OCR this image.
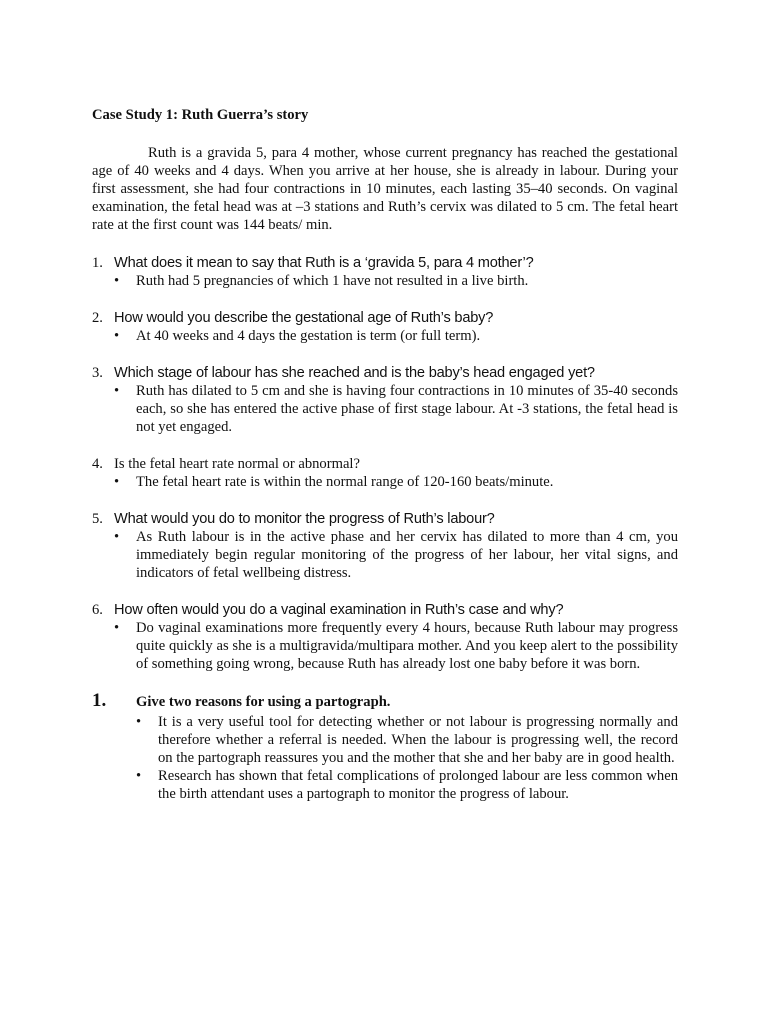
Case Study 1: Ruth Guerra’s story

Ruth is a gravida 5, para 4 mother, whose current pregnancy has reached the gestational age of 40 weeks and 4 days. When you arrive at her house, she is already in labour. During your first assessment, she had four contractions in 10 minutes, each lasting 35–40 seconds. On vaginal examination, the fetal head was at –3 stations and Ruth’s cervix was dilated to 5 cm. The fetal heart rate at the first count was 144 beats/ min.

1. What does it mean to say that Ruth is a ‘gravida 5, para 4 mother’?
•	Ruth had 5 pregnancies of which 1 have not resulted in a live birth.
2. How would you describe the gestational age of Ruth’s baby?
•	At 40 weeks and 4 days the gestation is term (or full term).
3. Which stage of labour has she reached and is the baby’s head engaged yet?
•	Ruth has dilated to 5 cm and she is having four contractions in 10 minutes of 35-40 seconds each, so she has entered the active phase of first stage labour. At -3 stations, the fetal head is not yet engaged.
4. Is the fetal heart rate normal or abnormal?
•	The fetal heart rate is within the normal range of 120-160 beats/minute.
5. What would you do to monitor the progress of Ruth’s labour?
•	As Ruth labour is in the active phase and her cervix has dilated to more than 4 cm, you immediately begin regular monitoring of the progress of her labour, her vital signs, and indicators of fetal wellbeing distress.
6. How often would you do a vaginal examination in Ruth’s case and why?
•	Do vaginal examinations more frequently every 4 hours, because Ruth labour may progress quite quickly as she is a multigravida/multipara mother. And you keep alert to the possibility of something going wrong, because Ruth has already lost one baby before it was born.
1.	Give two reasons for using a partograph.
•	It is a very useful tool for detecting whether or not labour is progressing normally and therefore whether a referral is needed. When the labour is progressing well, the record on the partograph reassures you and the mother that she and her baby are in good health.
•	Research has shown that fetal complications of prolonged labour are less common when the birth attendant uses a partograph to monitor the progress of labour.
